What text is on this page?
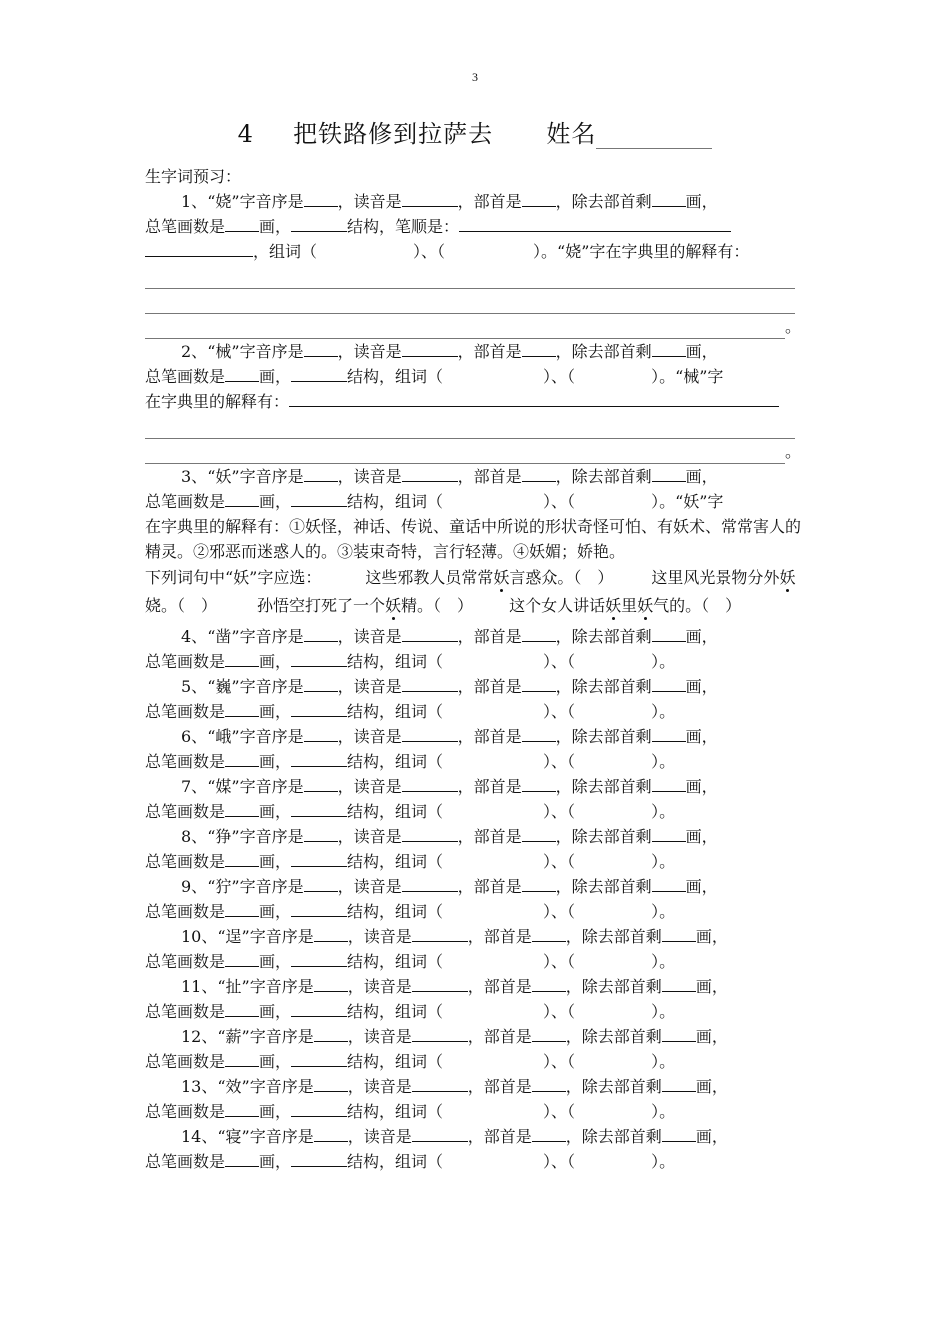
3
4 把铁路修到拉萨去 姓名

生字词预习：

1、“娆”字音序是 ，读音是	，部首是 ，除去部首剩 画，

总笔画数是 画，	结构，笔顺是：

，组词（	）、（	）。“娆”字在字典里的解释有：

。

2、“械”字音序是 ，读音是	，部首是 ，除去部首剩 画，

总笔画数是 画，	结构，组词（	）、（	）。“械”字

在字典里的解释有：

。

3、“妖”字音序是 ，读音是	，部首是 ，除去部首剩 画，

总笔画数是 画，	结构，组词（	）、（	）。“妖”字

在字典里的解释有：①妖怪，神话、传说、童话中所说的形状奇怪可怕、有妖术、常常害人的精灵。②邪恶而迷惑人的。③装束奇特，言行轻薄。④妖媚；娇艳。

下列词句中“妖”字应选：	这些邪教人员常常妖言惑众。（　） 这里风光景物分外妖娆。（　）	孙悟空打死了一个妖精。（　） 这个女人讲话妖里妖气的。（　）

4、“凿”字音序是 ，读音是	，部首是 ，除去部首剩 画，

总笔画数是 画，	结构，组词（	）、（	）。

5、“巍”字音序是 ，读音是	，部首是 ，除去部首剩 画，

总笔画数是 画，	结构，组词（	）、（	）。

6、“峨”字音序是 ，读音是	，部首是 ，除去部首剩 画，

总笔画数是 画，	结构，组词（	）、（	）。

7、“媒”字音序是 ，读音是	，部首是 ，除去部首剩 画，

总笔画数是 画，	结构，组词（	）、（	）。

8、“狰”字音序是 ，读音是	，部首是 ，除去部首剩 画，

总笔画数是 画，	结构，组词（	）、（	）。

9、“狞”字音序是 ，读音是	，部首是 ，除去部首剩 画，

总笔画数是 画，	结构，组词（	）、（	）。

10、“逞”字音序是 ，读音是	，部首是 ，除去部首剩 画，

总笔画数是 画，	结构，组词（	）、（	）。

11、“扯”字音序是 ，读音是	，部首是 ，除去部首剩 画，

总笔画数是 画，	结构，组词（	）、（	）。

12、“薪”字音序是 ，读音是	，部首是 ，除去部首剩 画，

总笔画数是 画，	结构，组词（	）、（	）。

13、“效”字音序是 ，读音是	，部首是 ，除去部首剩 画，

总笔画数是 画，	结构，组词（	）、（	）。

14、“寝”字音序是 ，读音是	，部首是 ，除去部首剩 画，

总笔画数是 画，	结构，组词（	）、（	）。
